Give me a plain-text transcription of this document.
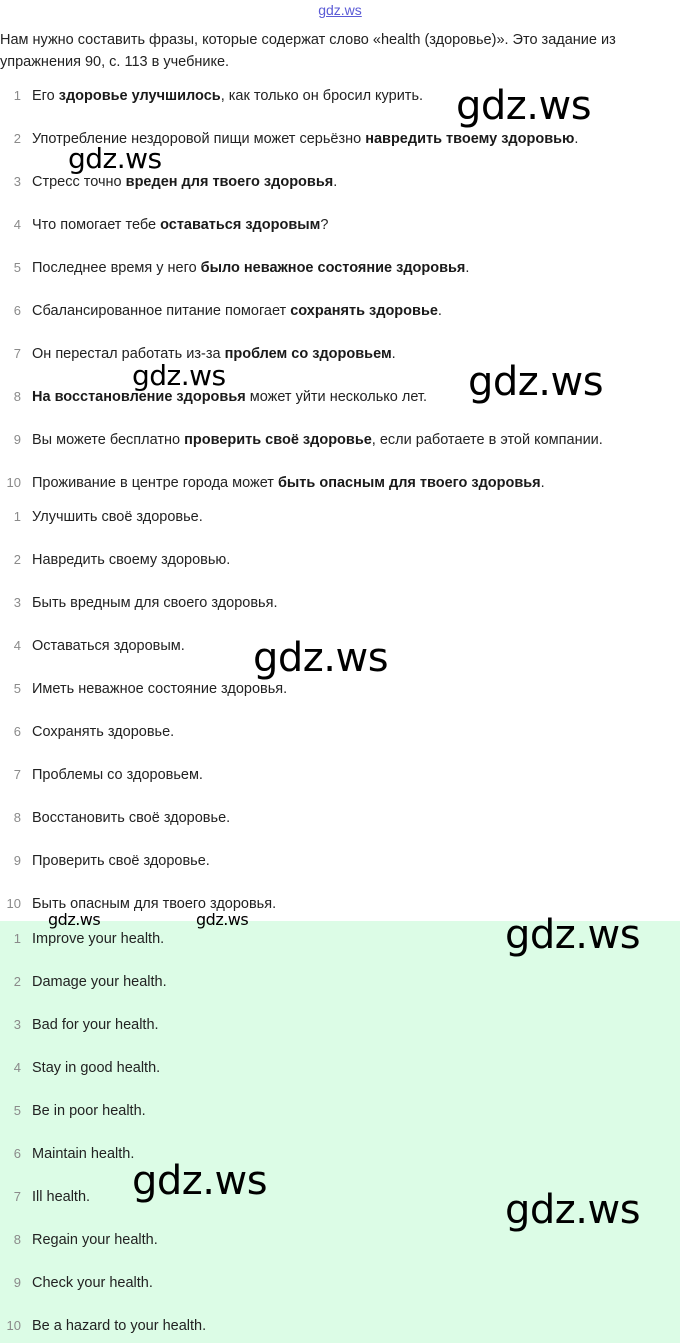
gdz.ws
Нам нужно составить фразы, которые содержат слово «health (здоровье)». Это задание из упражнения 90, с. 113 в учебнике.
1 Его здоровье улучшилось, как только он бросил курить.
2 Употребление нездоровой пищи может серьёзно навредить твоему здоровью.
3 Стресс точно вреден для твоего здоровья.
4 Что помогает тебе оставаться здоровым?
5 Последнее время у него было неважное состояние здоровья.
6 Сбалансированное питание помогает сохранять здоровье.
7 Он перестал работать из-за проблем со здоровьем.
8 На восстановление здоровья может уйти несколько лет.
9 Вы можете бесплатно проверить своё здоровье, если работаете в этой компании.
10 Проживание в центре города может быть опасным для твоего здоровья.
1 Улучшить своё здоровье.
2 Навредить своему здоровью.
3 Быть вредным для своего здоровья.
4 Оставаться здоровым.
5 Иметь неважное состояние здоровья.
6 Сохранять здоровье.
7 Проблемы со здоровьем.
8 Восстановить своё здоровье.
9 Проверить своё здоровье.
10 Быть опасным для твоего здоровья.
1 Improve your health.
2 Damage your health.
3 Bad for your health.
4 Stay in good health.
5 Be in poor health.
6 Maintain health.
7 Ill health.
8 Regain your health.
9 Check your health.
10 Be a hazard to your health.
gdz.ws
gdz.ws
gdz.ws	gdz.ws
gdz.ws
gdz.ws	gdz.ws	gdz.ws
gdz.ws
gdz.ws
